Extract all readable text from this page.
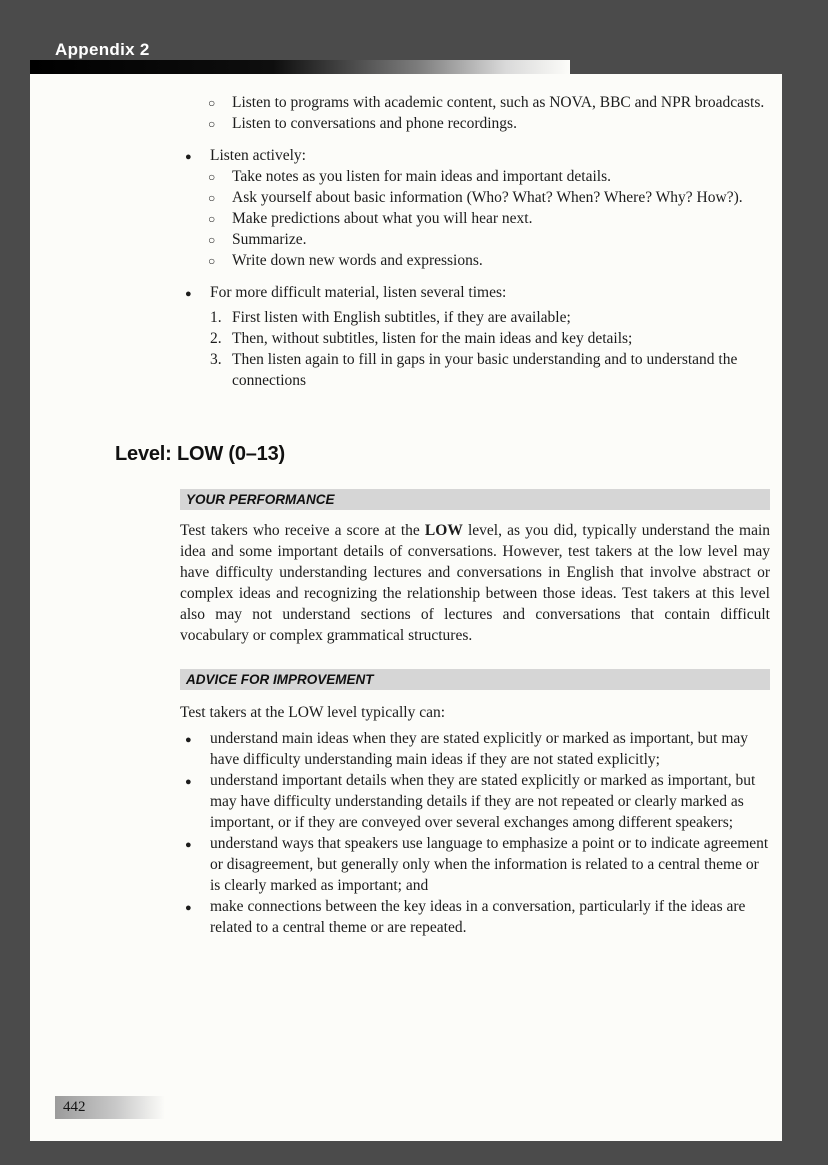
Appendix 2
○ Listen to programs with academic content, such as NOVA, BBC and NPR broadcasts.
○ Listen to conversations and phone recordings.
● Listen actively:
○ Take notes as you listen for main ideas and important details.
○ Ask yourself about basic information (Who? What? When? Where? Why? How?).
○ Make predictions about what you will hear next.
○ Summarize.
○ Write down new words and expressions.
● For more difficult material, listen several times:
1. First listen with English subtitles, if they are available;
2. Then, without subtitles, listen for the main ideas and key details;
3. Then listen again to fill in gaps in your basic understanding and to understand the connections
Level: LOW (0–13)
YOUR PERFORMANCE

Test takers who receive a score at the LOW level, as you did, typically understand the main idea and some important details of conversations. However, test takers at the low level may have difficulty understanding lectures and conversations in English that involve abstract or complex ideas and recognizing the relationship between those ideas. Test takers at this level also may not understand sections of lectures and conversations that contain difficult vocabulary or complex grammatical structures.

ADVICE FOR IMPROVEMENT

Test takers at the LOW level typically can:

● understand main ideas when they are stated explicitly or marked as important, but may have difficulty understanding main ideas if they are not stated explicitly;
● understand important details when they are stated explicitly or marked as important, but may have difficulty understanding details if they are not repeated or clearly marked as important, or if they are conveyed over several exchanges among different speakers;
● understand ways that speakers use language to emphasize a point or to indicate agreement or disagreement, but generally only when the information is related to a central theme or is clearly marked as important; and
● make connections between the key ideas in a conversation, particularly if the ideas are related to a central theme or are repeated.
442
